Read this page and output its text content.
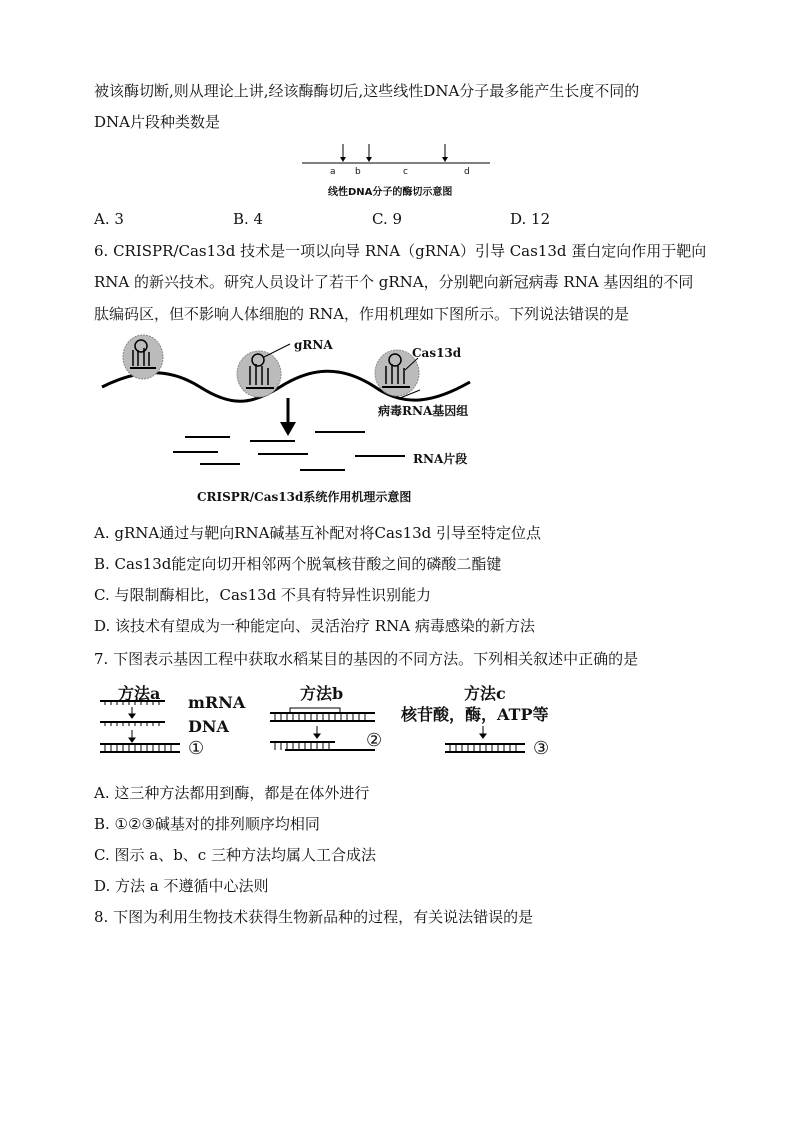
被该酶切断,则从理论上讲,经该酶酶切后,这些线性DNA分子最多能产生长度不同的
DNA片段种类数是
a b	c	d
线性DNA分子的酶切示意图
A. 3	B. 4	C. 9	D. 12
6. CRISPR/Cas13d 技术是一项以向导 RNA（gRNA）引导 Cas13d 蛋白定向作用于靶向
RNA 的新兴技术。研究人员设计了若干个 gRNA，分别靶向新冠病毒 RNA 基因组的不同
肽编码区，但不影响人体细胞的 RNA，作用机理如下图所示。下列说法错误的是
gRNA
Cas13d
病毒RNA基因组
RNA片段
CRISPR/Cas13d系统作用机理示意图
A. gRNA通过与靶向RNA碱基互补配对将Cas13d 引导至特定位点
B. Cas13d能定向切开相邻两个脱氧核苷酸之间的磷酸二酯键
C. 与限制酶相比，Cas13d 不具有特异性识别能力
D. 该技术有望成为一种能定向、灵活治疗 RNA 病毒感染的新方法
7. 下图表示基因工程中获取水稻某目的基因的不同方法。下列相关叙述中正确的是
方法a mRNA
DNA
①
方法b
②
方法c
核苷酸，酶，ATP等
③
A. 这三种方法都用到酶，都是在体外进行
B. ①②③碱基对的排列顺序均相同
C. 图示 a、b、c 三种方法均属人工合成法
D. 方法 a 不遵循中心法则
8. 下图为利用生物技术获得生物新品种的过程，有关说法错误的是
